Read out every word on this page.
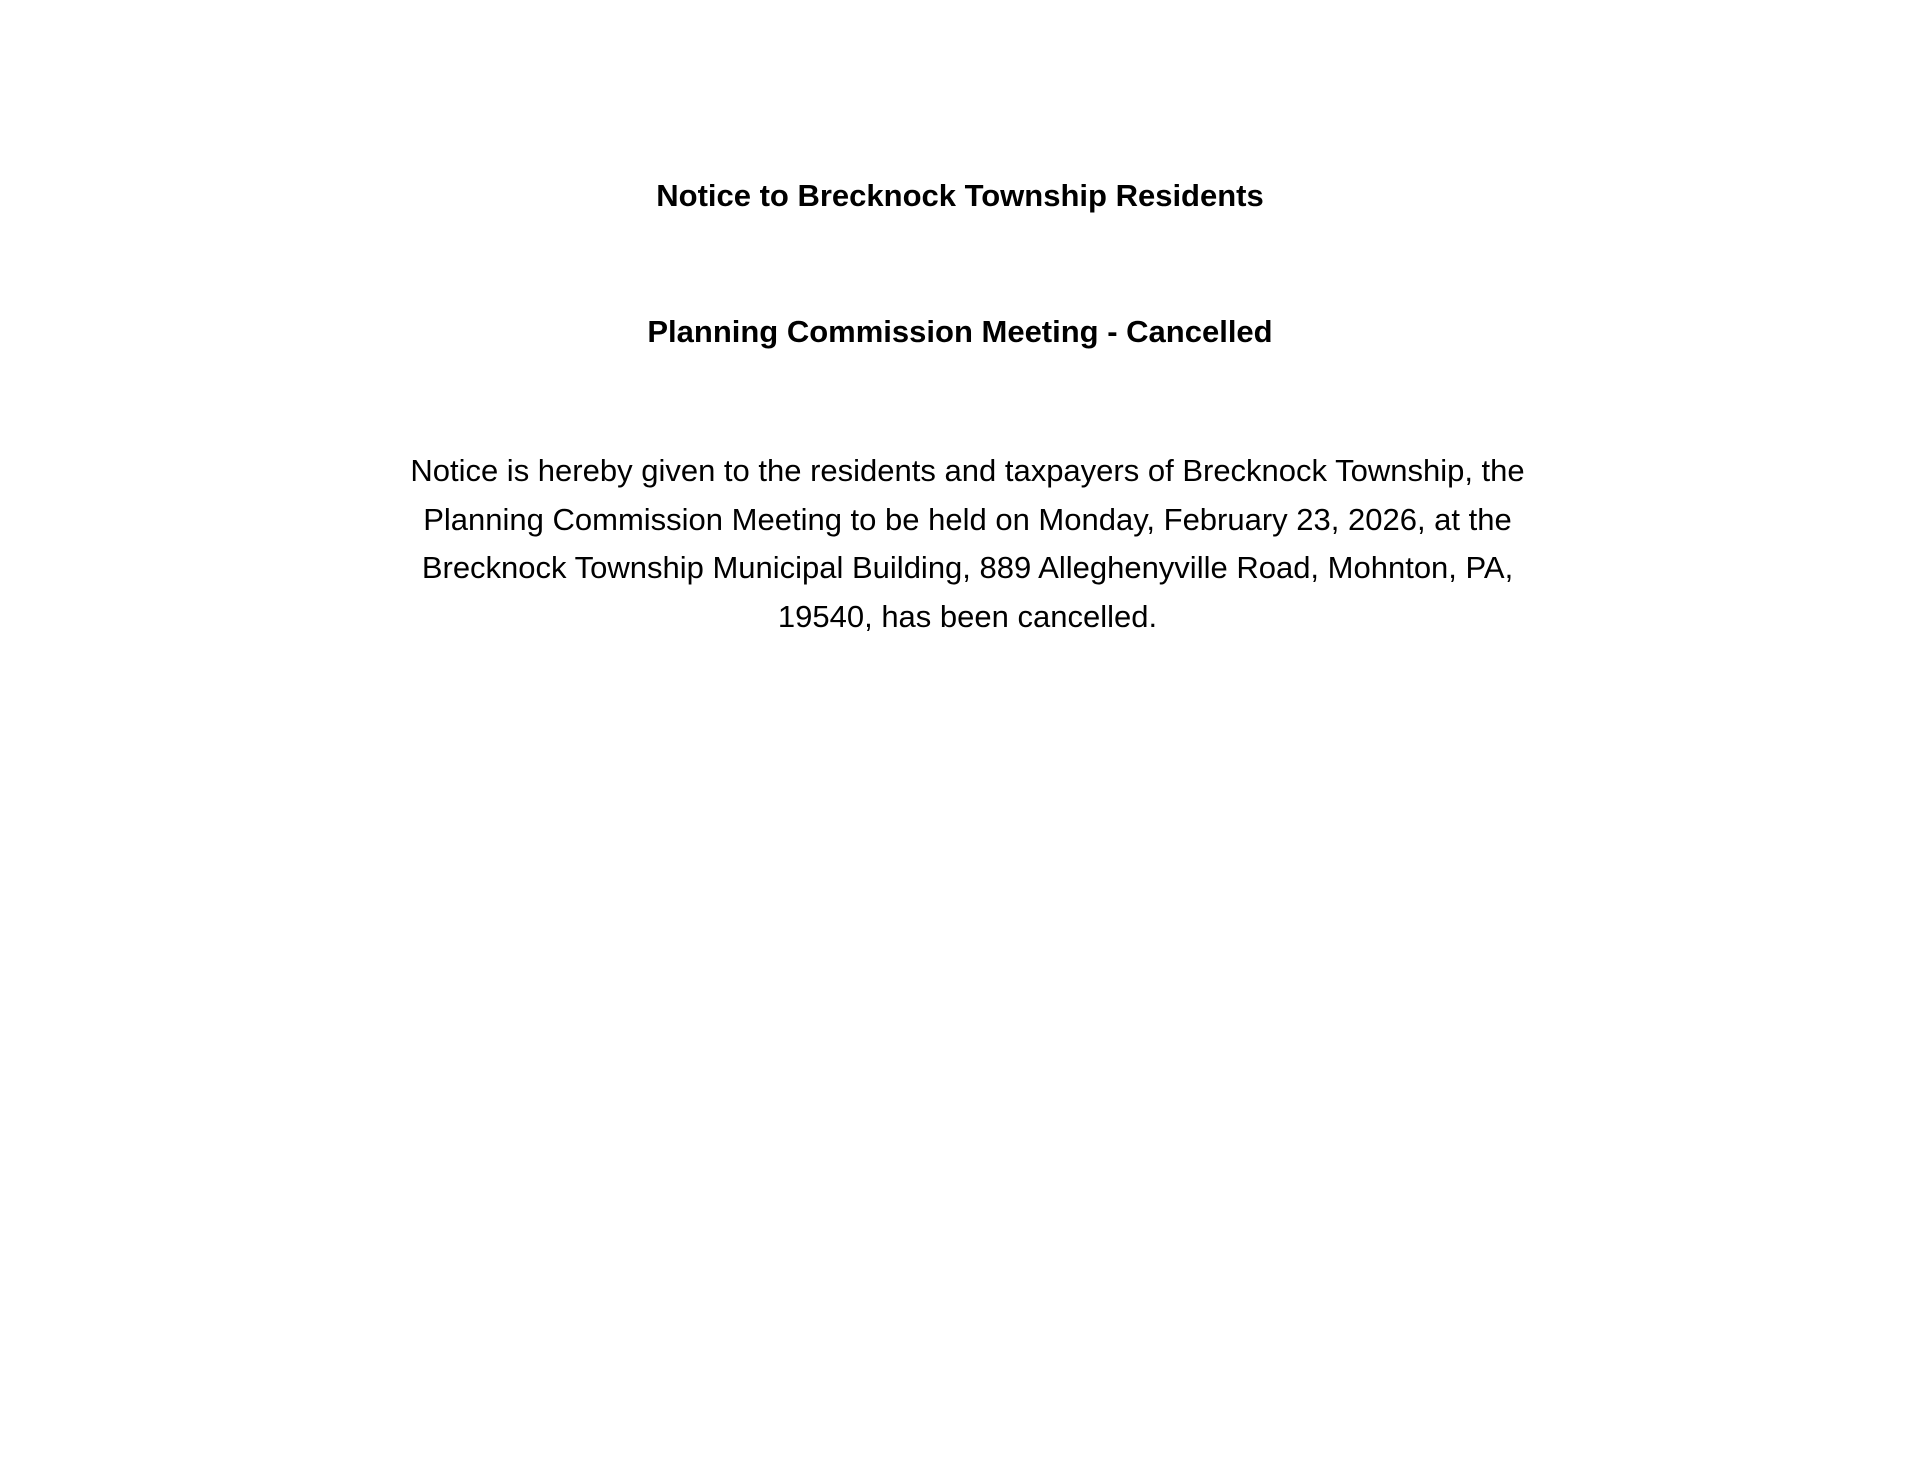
Notice to Brecknock Township Residents
Planning Commission Meeting - Cancelled

Notice is hereby given to the residents and taxpayers of Brecknock Township, the Planning Commission Meeting to be held on Monday, February 23, 2026, at the Brecknock Township Municipal Building, 889 Alleghenyville Road, Mohnton, PA, 19540, has been cancelled.
